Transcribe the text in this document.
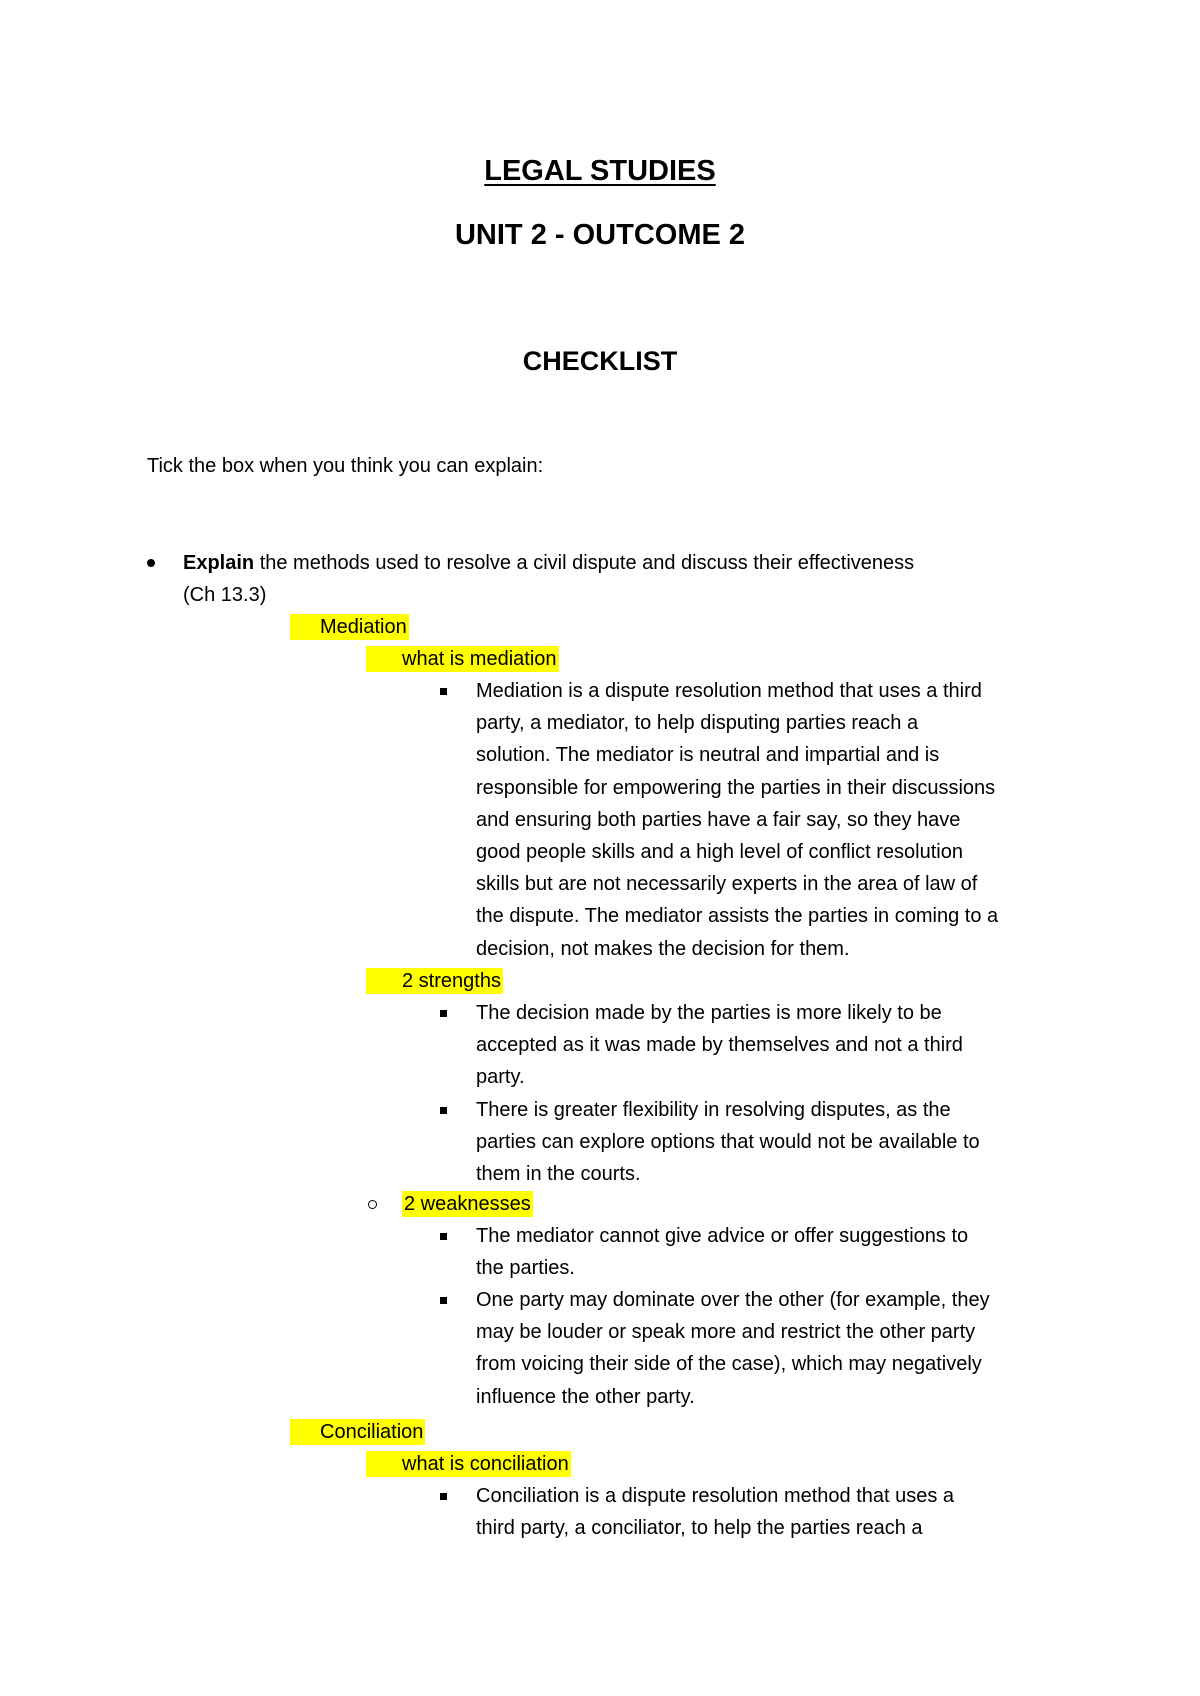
LEGAL STUDIES
UNIT 2 - OUTCOME 2
CHECKLIST
Tick the box when you think you can explain:
Explain the methods used to resolve a civil dispute and discuss their effectiveness
(Ch 13.3)
Mediation
what is mediation
Mediation is a dispute resolution method that uses a third
party, a mediator, to help disputing parties reach a
solution. The mediator is neutral and impartial and is
responsible for empowering the parties in their discussions
and ensuring both parties have a fair say, so they have
good people skills and a high level of conflict resolution
skills but are not necessarily experts in the area of law of
the dispute. The mediator assists the parties in coming to a
decision, not makes the decision for them.
2 strengths
The decision made by the parties is more likely to be
accepted as it was made by themselves and not a third
party.
There is greater flexibility in resolving disputes, as the
parties can explore options that would not be available to
them in the courts.
2 weaknesses
The mediator cannot give advice or offer suggestions to
the parties.
One party may dominate over the other (for example, they
may be louder or speak more and restrict the other party
from voicing their side of the case), which may negatively
influence the other party.
Conciliation
what is conciliation
Conciliation is a dispute resolution method that uses a
third party, a conciliator, to help the parties reach a
